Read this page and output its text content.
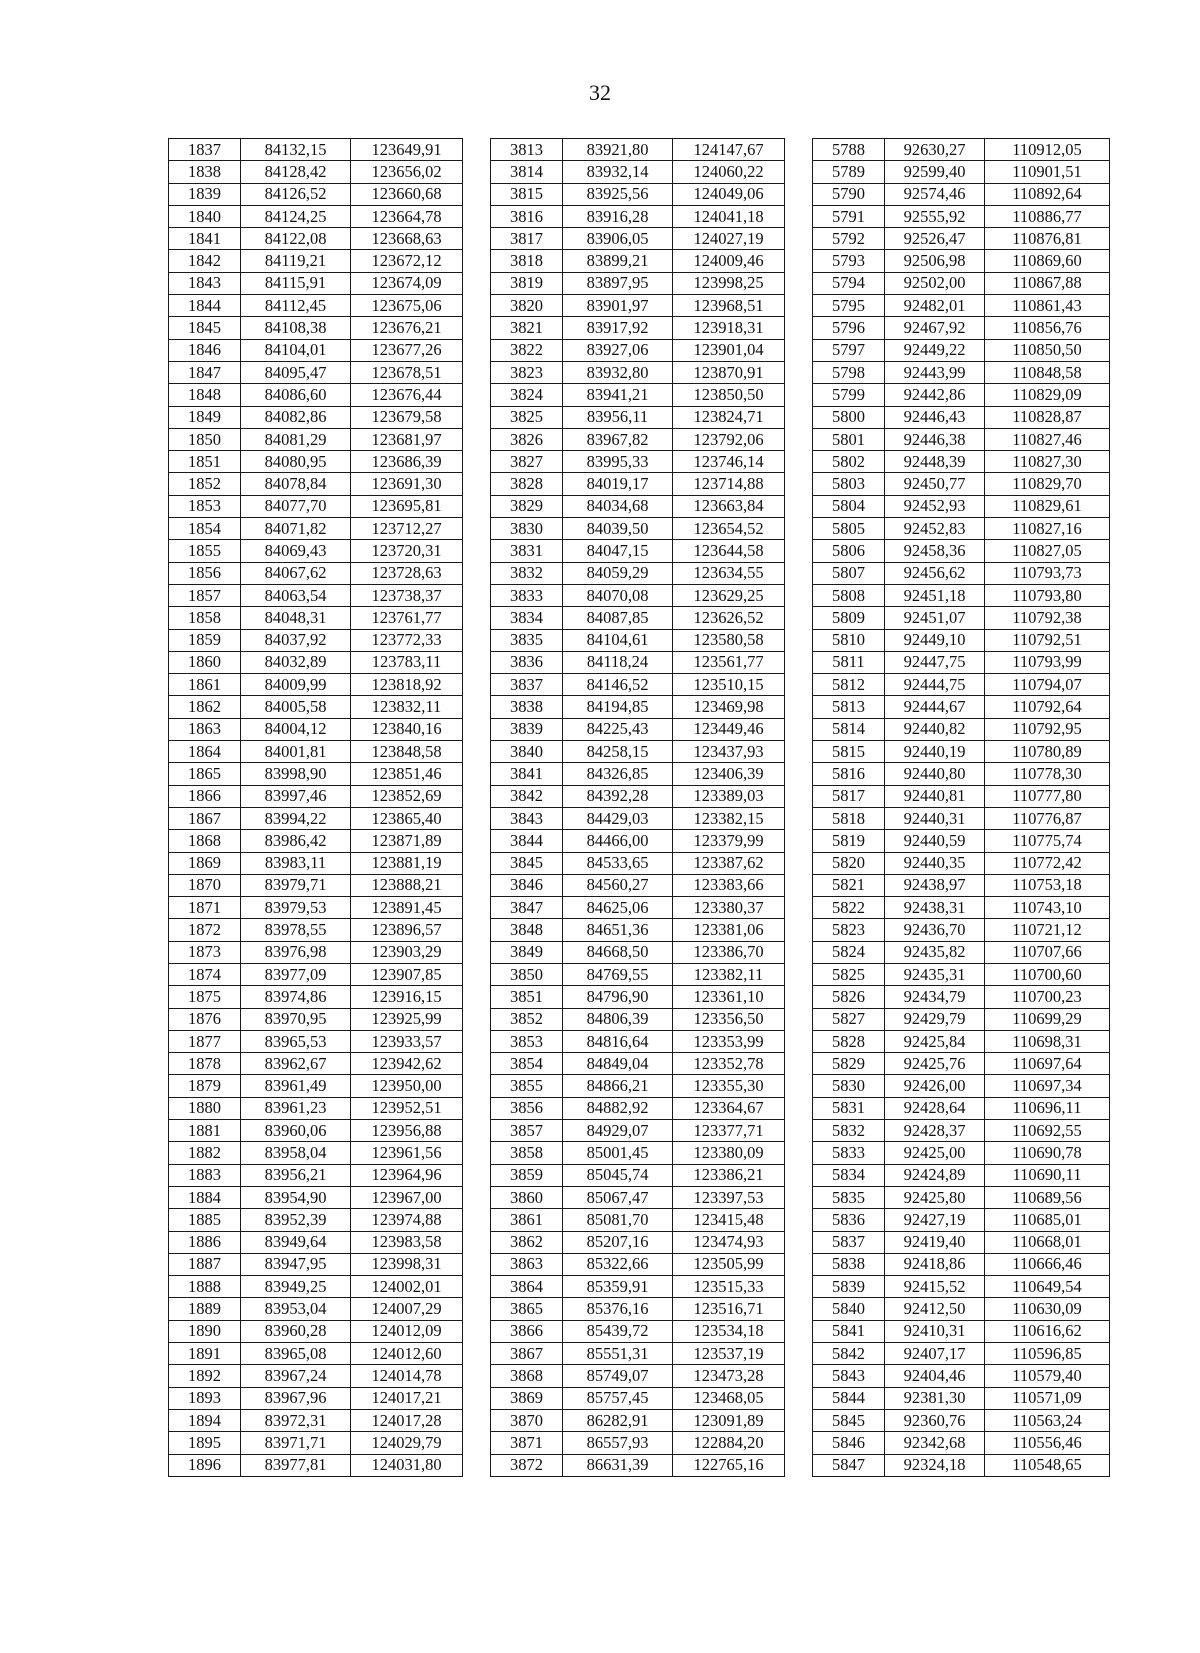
32
1837	84132,15	123649,91		3813	83921,80	124147,67		5788	92630,27	110912,05
1838	84128,42	123656,02		3814	83932,14	124060,22		5789	92599,40	110901,51
1839	84126,52	123660,68		3815	83925,56	124049,06		5790	92574,46	110892,64
1840	84124,25	123664,78		3816	83916,28	124041,18		5791	92555,92	110886,77
1841	84122,08	123668,63		3817	83906,05	124027,19		5792	92526,47	110876,81
1842	84119,21	123672,12		3818	83899,21	124009,46		5793	92506,98	110869,60
1843	84115,91	123674,09		3819	83897,95	123998,25		5794	92502,00	110867,88
1844	84112,45	123675,06		3820	83901,97	123968,51		5795	92482,01	110861,43
1845	84108,38	123676,21		3821	83917,92	123918,31		5796	92467,92	110856,76
1846	84104,01	123677,26		3822	83927,06	123901,04		5797	92449,22	110850,50
1847	84095,47	123678,51		3823	83932,80	123870,91		5798	92443,99	110848,58
1848	84086,60	123676,44		3824	83941,21	123850,50		5799	92442,86	110829,09
1849	84082,86	123679,58		3825	83956,11	123824,71		5800	92446,43	110828,87
1850	84081,29	123681,97		3826	83967,82	123792,06		5801	92446,38	110827,46
1851	84080,95	123686,39		3827	83995,33	123746,14		5802	92448,39	110827,30
1852	84078,84	123691,30		3828	84019,17	123714,88		5803	92450,77	110829,70
1853	84077,70	123695,81		3829	84034,68	123663,84		5804	92452,93	110829,61
1854	84071,82	123712,27		3830	84039,50	123654,52		5805	92452,83	110827,16
1855	84069,43	123720,31		3831	84047,15	123644,58		5806	92458,36	110827,05
1856	84067,62	123728,63		3832	84059,29	123634,55		5807	92456,62	110793,73
1857	84063,54	123738,37		3833	84070,08	123629,25		5808	92451,18	110793,80
1858	84048,31	123761,77		3834	84087,85	123626,52		5809	92451,07	110792,38
1859	84037,92	123772,33		3835	84104,61	123580,58		5810	92449,10	110792,51
1860	84032,89	123783,11		3836	84118,24	123561,77		5811	92447,75	110793,99
1861	84009,99	123818,92		3837	84146,52	123510,15		5812	92444,75	110794,07
1862	84005,58	123832,11		3838	84194,85	123469,98		5813	92444,67	110792,64
1863	84004,12	123840,16		3839	84225,43	123449,46		5814	92440,82	110792,95
1864	84001,81	123848,58		3840	84258,15	123437,93		5815	92440,19	110780,89
1865	83998,90	123851,46		3841	84326,85	123406,39		5816	92440,80	110778,30
1866	83997,46	123852,69		3842	84392,28	123389,03		5817	92440,81	110777,80
1867	83994,22	123865,40		3843	84429,03	123382,15		5818	92440,31	110776,87
1868	83986,42	123871,89		3844	84466,00	123379,99		5819	92440,59	110775,74
1869	83983,11	123881,19		3845	84533,65	123387,62		5820	92440,35	110772,42
1870	83979,71	123888,21		3846	84560,27	123383,66		5821	92438,97	110753,18
1871	83979,53	123891,45		3847	84625,06	123380,37		5822	92438,31	110743,10
1872	83978,55	123896,57		3848	84651,36	123381,06		5823	92436,70	110721,12
1873	83976,98	123903,29		3849	84668,50	123386,70		5824	92435,82	110707,66
1874	83977,09	123907,85		3850	84769,55	123382,11		5825	92435,31	110700,60
1875	83974,86	123916,15		3851	84796,90	123361,10		5826	92434,79	110700,23
1876	83970,95	123925,99		3852	84806,39	123356,50		5827	92429,79	110699,29
1877	83965,53	123933,57		3853	84816,64	123353,99		5828	92425,84	110698,31
1878	83962,67	123942,62		3854	84849,04	123352,78		5829	92425,76	110697,64
1879	83961,49	123950,00		3855	84866,21	123355,30		5830	92426,00	110697,34
1880	83961,23	123952,51		3856	84882,92	123364,67		5831	92428,64	110696,11
1881	83960,06	123956,88		3857	84929,07	123377,71		5832	92428,37	110692,55
1882	83958,04	123961,56		3858	85001,45	123380,09		5833	92425,00	110690,78
1883	83956,21	123964,96		3859	85045,74	123386,21		5834	92424,89	110690,11
1884	83954,90	123967,00		3860	85067,47	123397,53		5835	92425,80	110689,56
1885	83952,39	123974,88		3861	85081,70	123415,48		5836	92427,19	110685,01
1886	83949,64	123983,58		3862	85207,16	123474,93		5837	92419,40	110668,01
1887	83947,95	123998,31		3863	85322,66	123505,99		5838	92418,86	110666,46
1888	83949,25	124002,01		3864	85359,91	123515,33		5839	92415,52	110649,54
1889	83953,04	124007,29		3865	85376,16	123516,71		5840	92412,50	110630,09
1890	83960,28	124012,09		3866	85439,72	123534,18		5841	92410,31	110616,62
1891	83965,08	124012,60		3867	85551,31	123537,19		5842	92407,17	110596,85
1892	83967,24	124014,78		3868	85749,07	123473,28		5843	92404,46	110579,40
1893	83967,96	124017,21		3869	85757,45	123468,05		5844	92381,30	110571,09
1894	83972,31	124017,28		3870	86282,91	123091,89		5845	92360,76	110563,24
1895	83971,71	124029,79		3871	86557,93	122884,20		5846	92342,68	110556,46
1896	83977,81	124031,80		3872	86631,39	122765,16		5847	92324,18	110548,65
